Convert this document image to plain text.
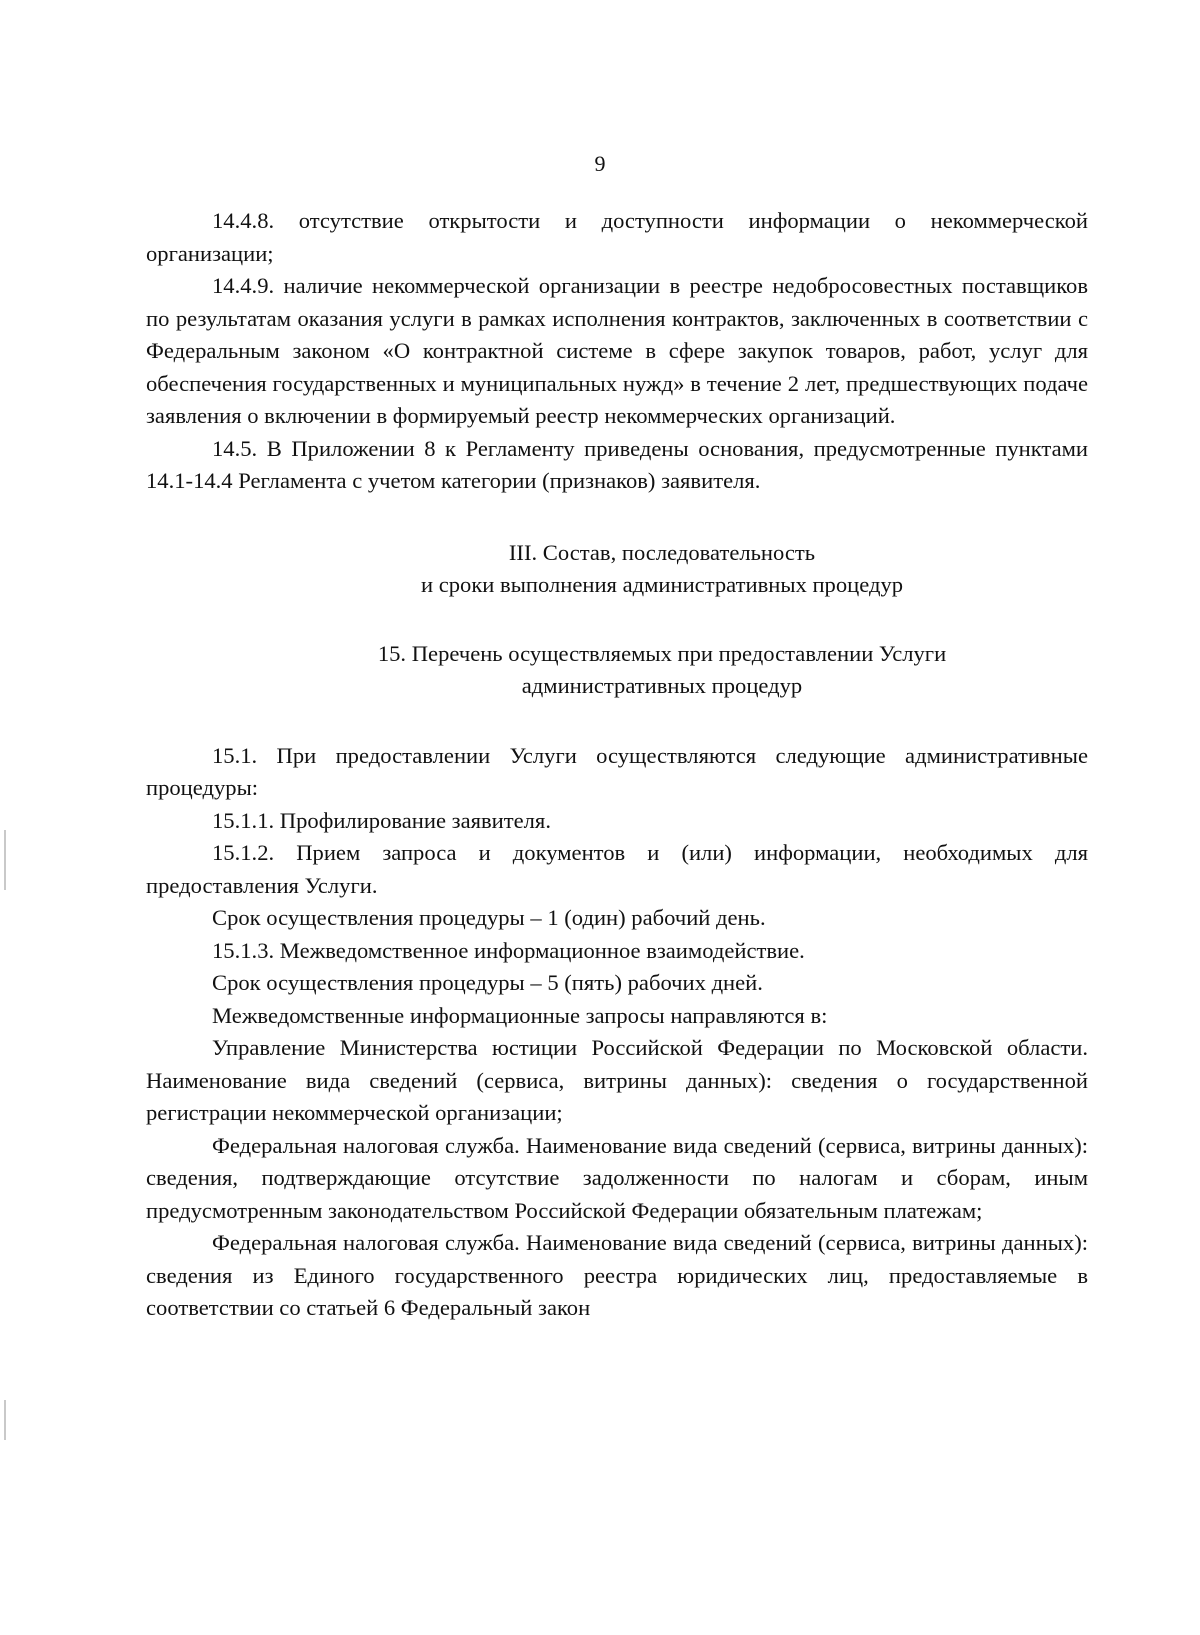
9

14.4.8. отсутствие открытости и доступности информации о некоммерческой организации;

14.4.9. наличие некоммерческой организации в реестре недобросовестных поставщиков по результатам оказания услуги в рамках исполнения контрактов, заключенных в соответствии с Федеральным законом «О контрактной системе в сфере закупок товаров, работ, услуг для обеспечения государственных и муниципальных нужд» в течение 2 лет, предшествующих подаче заявления о включении в формируемый реестр некоммерческих организаций.

14.5. В Приложении 8 к Регламенту приведены основания, предусмотренные пунктами 14.1-14.4 Регламента с учетом категории (признаков) заявителя.

III. Состав, последовательность
и сроки выполнения административных процедур

15. Перечень осуществляемых при предоставлении Услуги
административных процедур

15.1. При предоставлении Услуги осуществляются следующие административные процедуры:

15.1.1. Профилирование заявителя.

15.1.2. Прием запроса и документов и (или) информации, необходимых для предоставления Услуги.

Срок осуществления процедуры – 1 (один) рабочий день.

15.1.3. Межведомственное информационное взаимодействие.

Срок осуществления процедуры – 5 (пять) рабочих дней.

Межведомственные информационные запросы направляются в:

Управление Министерства юстиции Российской Федерации по Московской области. Наименование вида сведений (сервиса, витрины данных): сведения о государственной регистрации некоммерческой организации;

Федеральная налоговая служба. Наименование вида сведений (сервиса, витрины данных): сведения, подтверждающие отсутствие задолженности по налогам и сборам, иным предусмотренным законодательством Российской Федерации обязательным платежам;

Федеральная налоговая служба. Наименование вида сведений (сервиса, витрины данных): сведения из Единого государственного реестра юридических лиц, предоставляемые в соответствии со статьей 6 Федеральный закон
